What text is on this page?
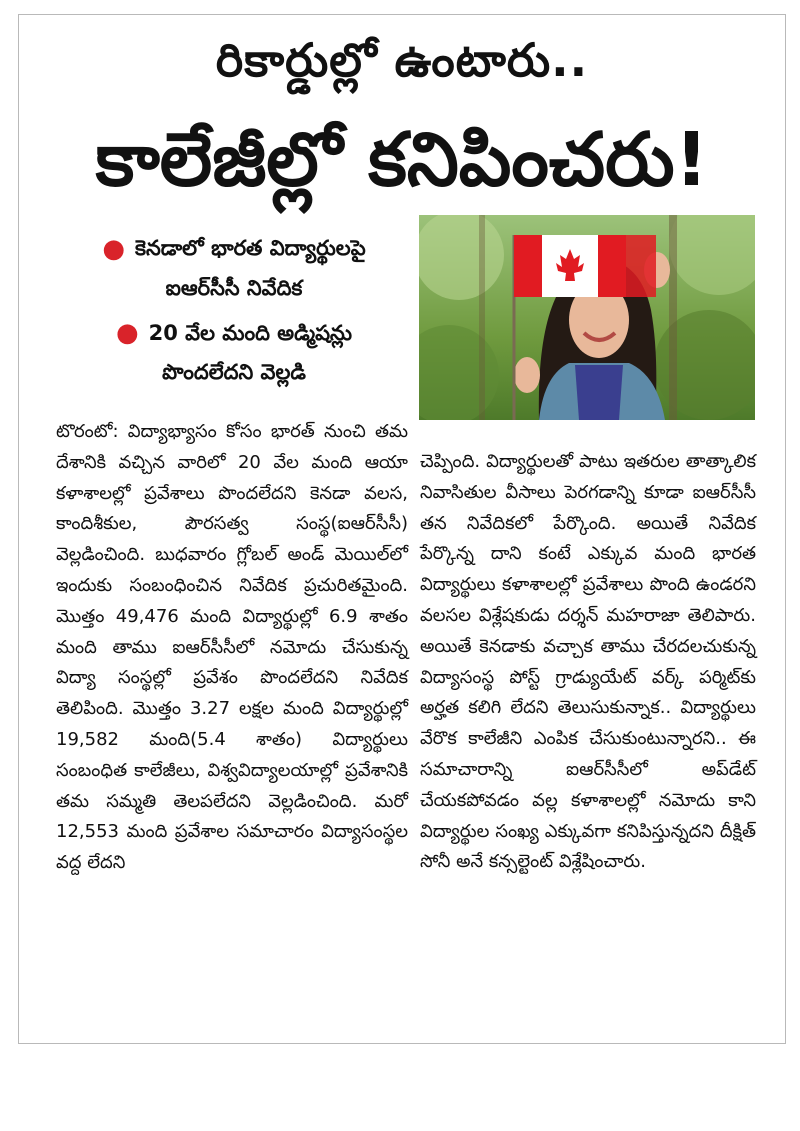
రికార్డుల్లో ఉంటారు..
కాలేజీల్లో కనిపించరు!
● కెనడాలో భారత విద్యార్థులపై
ఐఆర్‌సీసీ నివేదిక
● 20 వేల మంది అడ్మిషన్లు
పొందలేదని వెల్లడి

టొరంటో: విద్యాభ్యాసం కోసం భారత్ నుంచి తమ దేశానికి వచ్చిన వారిలో 20 వేల మంది ఆయా కళాశాలల్లో ప్రవేశాలు పొందలేదని కెనడా వలస, కాందిశీకుల, పౌరసత్వ సంస్థ(ఐఆర్‌సీసీ) వెల్లడించింది. బుధవారం గ్లోబల్ అండ్ మెయిల్‌లో ఇందుకు సంబంధించిన నివేదిక ప్రచురితమైంది. మొత్తం 49,476 మంది విద్యార్థుల్లో 6.9 శాతం మంది తాము ఐఆర్‌సీసీలో నమోదు చేసుకున్న విద్యా సంస్థల్లో ప్రవేశం పొందలేదని నివేదిక తెలిపింది. మొత్తం 3.27 లక్షల మంది విద్యార్థుల్లో 19,582 మంది(5.4 శాతం) విద్యార్థులు సంబంధిత కాలేజీలు, విశ్వవిద్యాలయాల్లో ప్రవేశానికి తమ సమ్మతి తెలపలేదని వెల్లడించింది. మరో 12,553 మంది ప్రవేశాల సమాచారం విద్యాసంస్థల వద్ద లేదని

చెప్పింది. విద్యార్థులతో పాటు ఇతరుల తాత్కాలిక నివాసితుల వీసాలు పెరగడాన్ని కూడా ఐఆర్‌సీసీ తన నివేదికలో పేర్కొంది. అయితే నివేదిక పేర్కొన్న దాని కంటే ఎక్కువ మంది భారత విద్యార్థులు కళాశాలల్లో ప్రవేశాలు పొంది ఉండరని వలసల విశ్లేషకుడు దర్శన్ మహరాజా తెలిపారు. అయితే కెనడాకు వచ్చాక తాము చేరదలచుకున్న విద్యాసంస్థ పోస్ట్ గ్రాడ్యుయేట్ వర్క్ పర్మిట్‌కు అర్హత కలిగి లేదని తెలుసుకున్నాక.. విద్యార్థులు వేరొక కాలేజీని ఎంపిక చేసుకుంటున్నారని.. ఈ సమాచారాన్ని ఐఆర్‌సీసీలో అప్‌డేట్ చేయకపోవడం వల్ల కళాశాలల్లో నమోదు కాని విద్యార్థుల సంఖ్య ఎక్కువగా కనిపిస్తున్నదని దీక్షిత్ సోనీ అనే కన్సల్టెంట్ విశ్లేషించారు.
